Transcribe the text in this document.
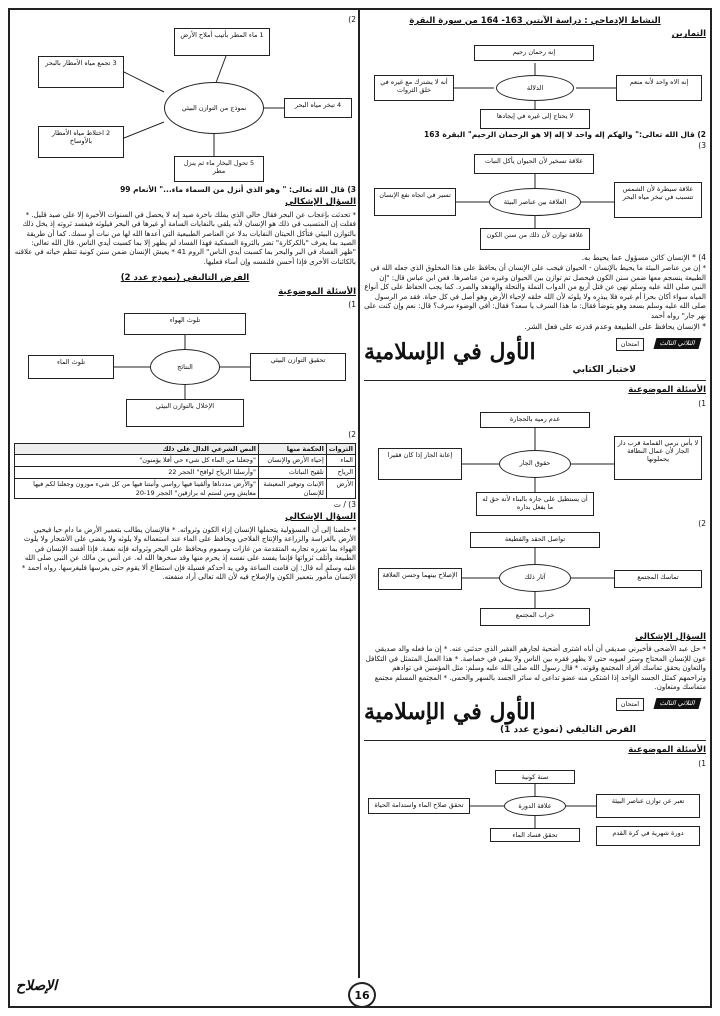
النشاط الإدماجي : دراسة الآيتين 163- 164 من سورة البقرة
التمارين
إنه رحمان رحيم
الدلالة
أنه لا يشترك مع غيره في خلق الثروات
إنه الاه واحد لأنه منعم
لا يحتاج إلى غيره في إيجادها
2) قال الله تعالى:" والهكم إله واحد لا إله إلا هو الرحمان الرحيم" البقرة 163
3)
علاقة تسخير لأن الحيوان يأكل النبات
العلاقة بين عناصر البيئة
تسير في اتجاه نفع الإنسان
علاقة سيطرة لأن الشمس تتسبب في تبخر مياه البحر
علاقة توازن لأن ذلك من سنن الكون
4) * الإنسان كائن مسؤول عما يحيط به.
* إن من عناصر البيئة ما يحيط بالإنسان - الحيوان فيجب على الإنسان أن يحافظ على هذا المخلوق الذي جعله الله في الطبيعة ينسجم معها ضمن سنن الكون فيحصل تم توازن بين الحيوان وغيره من عناصرها. فعن ابن عباس قال: "إن النبي صلى الله عليه وسلم نهى عن قتل أربع من الدواب النملة والنحلة والهدهد والصرد. كما يجب الحفاظ على كل أنواع المياه سواء أكان بحرا أم غيره فلا يبذره ولا يلوثه لأن الله خلقه لإحياء الأرض وهو أصل في كل حياة. فقد مر الرسول صلى الله عليه وسلم بسعد وهو يتوضأ فقال: ما هذا السرف يا سعد؟ فقال: أفي الوضوء سرف؟ قال: نعم وإن كنت على نهر جار" رواه أحمد
* الإنسان يحافظ على الطبيعة وعدم قدرته على فعل الشر.
الأول في الإسلامية	الثلاثي الثالث
امتحان
لاختبار الكتابي
الأسئلة الموضوعية
1)
عدم رميه بالحجارة
حقوق الجار
إعانة الجار إذا كان فقيرا
لا بأس برمي القمامة قرب دار الجار لأن عمال النظافة يحملونها
أن يستطيل على جاره بالبناء لأنه حق له ما يفعل بداره
2)
تواصل الحقد والقطيعة
آثار ذلك
الإصلاح بينهما وحسن العلاقة	تماسك المجتمع
خراب المجتمع
السؤال الإشكالي
* حل عبد الأضحى فأخبرني صديقي أن أباه اشترى أضحية لجارهم الفقير الذي حدثني عنه. * إن ما فعله والد صديقي عون للإنسان المحتاج وستر لعيوبه حتى لا يظهر فقره بين الناس ولا يبقى في خصاصة. * هذا العمل المتمثل في التكافل والتعاون يحقق تماسك أفراد المجتمع وقوته. * قال رسول الله صلى الله عليه وسلم: مثل المؤمنين في توادهم وتراحمهم كمثل الجسد الواحد إذا اشتكى منه عضو تداعى له سائر الجسد بالسهر والحمى. * المجتمع المسلم مجتمع متماسك ومتعاون.
الأول في الإسلامية	الثلاثي الثالث
امتحان
الفرض التاليفي (نموذج عدد 1)
الأسئلة الموضوعية
1)
سنة كونية
علاقة الدورة
تحقق صلاح الماء واستدامة الحياة	تعبر عن توازن عناصر البيئة
تحقق فساد الماء	دورة شهرية في كرة القدم
2)
1 ماء المطر بأتيب أملاح الأرض
نموذج من التوازن البيئي
3 تجمع مياه الأمطار بالبحر
2 اختلاط مياه الأمطار بالأوساخ
4 تبخر مياه البحر
5 تحول البخار ماء ثم ينزل مطر
3) قال الله تعالى: " وهو الذي أنزل من السماء ماء..." الأنعام 99
السؤال الإشكالي
* تحدثت بإعجاب عن البحر فقال خالي الذي يملك باخرة صيد إنه لا يحصل في السنوات الأخيرة إلا على صيد قليل. * فقلت إن المتسبب في ذلك هو الإنسان لأنه يلقي بالنفايات السامة أو غيرها في البحر فيلوثه فيفسد ثروته إذ يخل ذلك بالتوازن البيئي فتأكل الحيتان النفايات بدلا عن العناصر الطبيعية التي أعدها الله لها من نبات أو سمك. كما أن طريقة الصيد بما يعرف "بالكركارة" تضر بالثروة السمكية فهذا الفساد لم يظهر إلا بما كسبت أيدي الناس. قال الله تعالى: "ظهر الفساد في البر والبحر بما كسبت أيدي الناس" الروم 41 * يعيش الإنسان ضمن سنن كونية تنظم حياته في علاقته بالكائنات الأخرى فإذا أحسن فلنفسه وإن أساء فعليها.
الفرض التاليفي (نموذج عدد 2)
الأسئلة الموضوعية
1)
تلوث الهواء
النتائج
تلوث الماء	تحقيق التوازن البيئي
الإخلال بالتوازن البيئي
2)
الثروات	الحكمة منها	النص الشرعي الدال على ذلك
الماء	إحياء الأرض والإنسان	"وجعلنا من الماء كل شيء حي أفلا يؤمنون"
الرياح	تلقيح النباتات	"وأرسلنا الرياح لواقح" الحجر 22
الأرض	الإنبات وتوفير المعيشة للإنسان	"والأرض مددناها وألقينا فيها رواسي وأنبتنا فيها من كل شيء موزون وجعلنا لكم فيها معايش ومن لستم له برازقين" الحجر 19-20
3) / ت
السؤال الإشكالي
* خلصنا إلى أن المسؤولية يتحملها الإنسان إزاء الكون وثرواته. * فالإنسان يطالب بتعمير الأرض ما دام حيا فيحيي الأرض بالغراسة والزراعة والإنتاج الفلاحي ويحافظ على الماء عند استعماله ولا يلوثه ولا يقضي على الأشجار ولا يلوث الهواء بما تفرزه تجاربه المتقدمة من غازات وسموم ويحافظ على البحر وثرواته فإنه نعمة. فإذا أفسد الإنسان في الطبيعة وأتلف ثرواتها فإنما يفسد على نفسه إذ يحرم منها وقد سخرها الله له. عن أنس بن مالك عن النبي صلى الله عليه وسلم أنه قال: إن قامت الساعة وفي يد أحدكم فسيلة فإن استطاع ألا يقوم حتى يغرسها فليغرسها. رواه أحمد * الإنسان مأمور بتعمير الكون والإصلاح فيه لأن الله تعالى أراد منفعته.
16
الإصلاح
